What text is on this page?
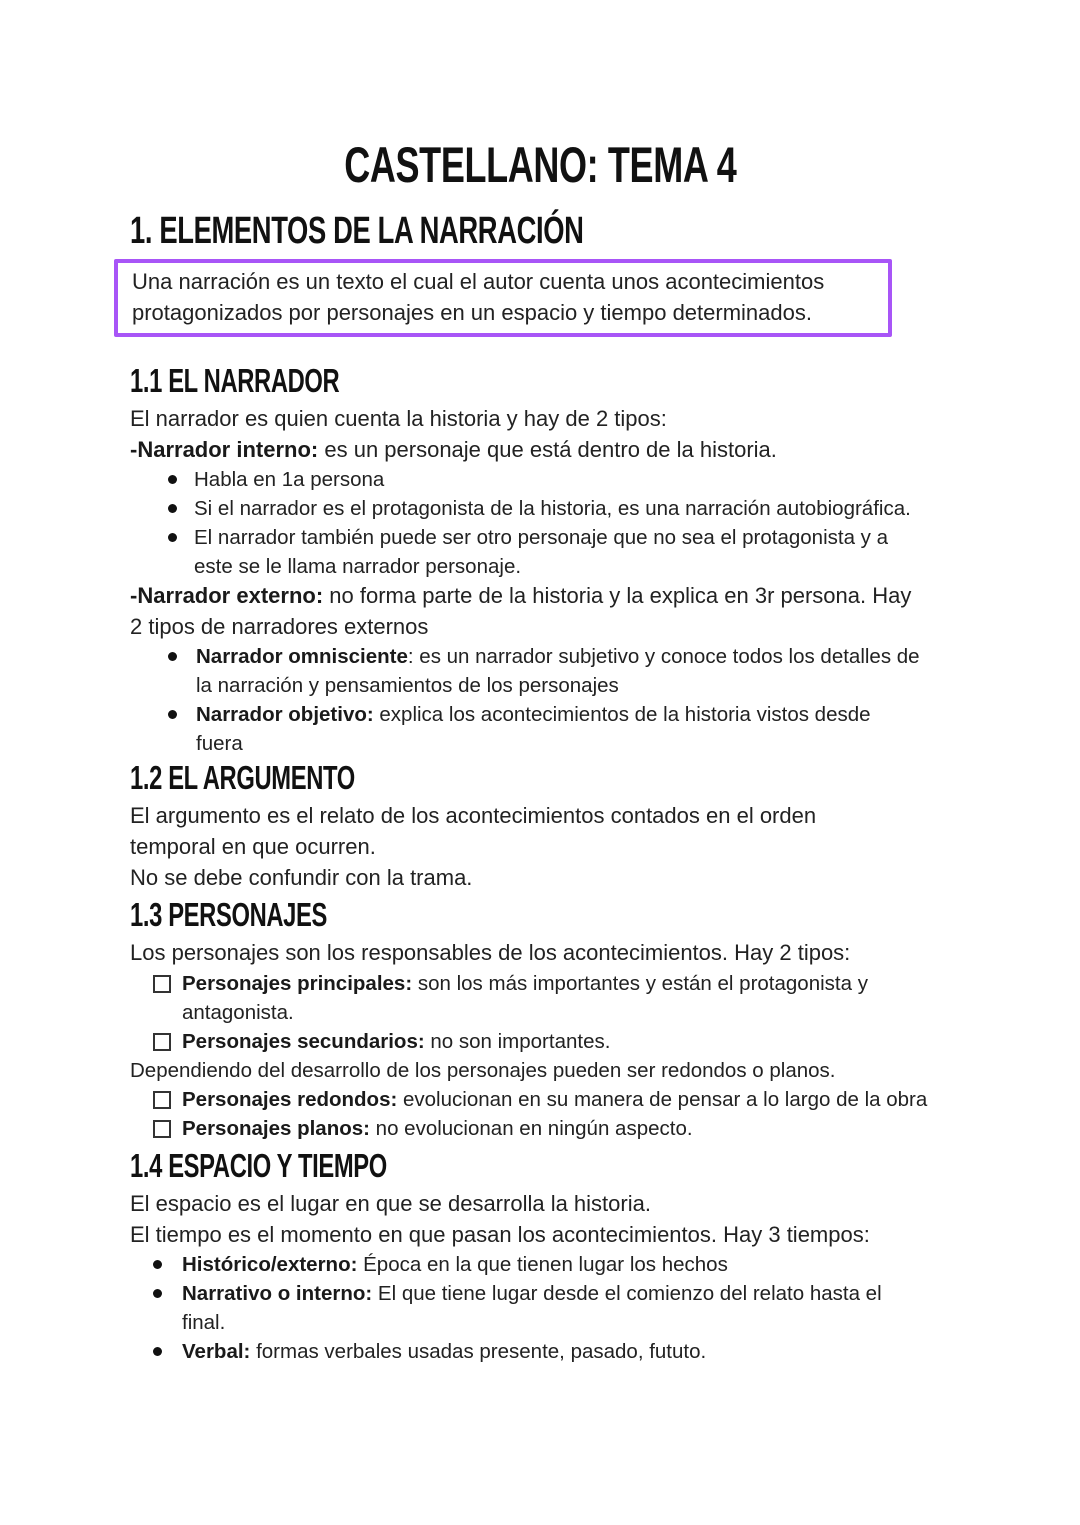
CASTELLANO: TEMA 4
1. ELEMENTOS DE LA NARRACIÓN
Una narración es un texto el cual el autor cuenta unos acontecimientos
protagonizados por personajes en un espacio y tiempo determinados.
1.1 EL NARRADOR
El narrador es quien cuenta la historia y hay de 2 tipos:
-Narrador interno: es un personaje que está dentro de la historia.
Habla en 1a persona
Si el narrador es el protagonista de la historia, es una narración autobiográfica.
El narrador también puede ser otro personaje que no sea el protagonista y a
este se le llama narrador personaje.
-Narrador externo: no forma parte de la historia y la explica en 3r persona. Hay
2 tipos de narradores externos
Narrador omnisciente: es un narrador subjetivo y conoce todos los detalles de
la narración y pensamientos de los personajes
Narrador objetivo: explica los acontecimientos de la historia vistos desde
fuera
1.2 EL ARGUMENTO
El argumento es el relato de los acontecimientos contados en el orden
temporal en que ocurren.
No se debe confundir con la trama.
1.3 PERSONAJES
Los personajes son los responsables de los acontecimientos. Hay 2 tipos:
Personajes principales: son los más importantes y están el protagonista y
antagonista.
Personajes secundarios: no son importantes.
Dependiendo del desarrollo de los personajes pueden ser redondos o planos.
Personajes redondos: evolucionan en su manera de pensar a lo largo de la obra
Personajes planos: no evolucionan en ningún aspecto.
1.4 ESPACIO Y TIEMPO
El espacio es el lugar en que se desarrolla la historia.
El tiempo es el momento en que pasan los acontecimientos. Hay 3 tiempos:
Histórico/externo: Época en la que tienen lugar los hechos
Narrativo o interno: El que tiene lugar desde el comienzo del relato hasta el
final.
Verbal: formas verbales usadas presente, pasado, fututo.
